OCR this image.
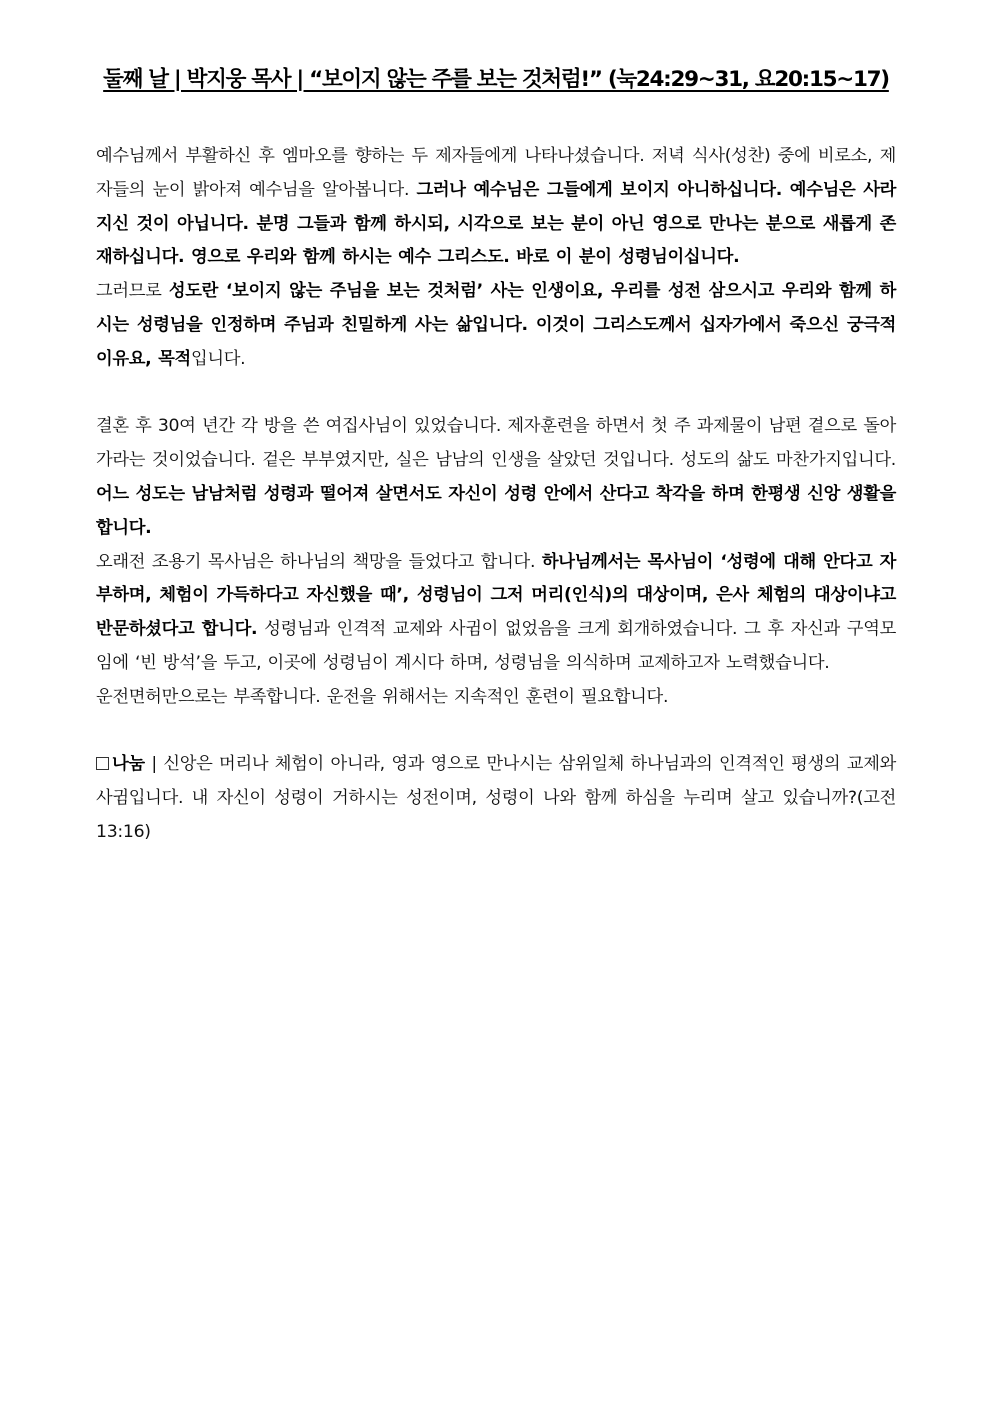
둘째 날 | 박지웅 목사 | “보이지 않는 주를 보는 것처럼!” (눅24:29~31, 요20:15~17)

예수님께서 부활하신 후 엠마오를 향하는 두 제자들에게 나타나셨습니다. 저녁 식사(성찬) 중에 비로소, 제자들의 눈이 밝아져 예수님을 알아봅니다. 그러나 예수님은 그들에게 보이지 아니하십니다. 예수님은 사라지신 것이 아닙니다. 분명 그들과 함께 하시되, 시각으로 보는 분이 아닌 영으로 만나는 분으로 새롭게 존재하십니다. 영으로 우리와 함께 하시는 예수 그리스도. 바로 이 분이 성령님이십니다.

그러므로 성도란 ‘보이지 않는 주님을 보는 것처럼’ 사는 인생이요, 우리를 성전 삼으시고 우리와 함께 하시는 성령님을 인정하며 주님과 친밀하게 사는 삶입니다. 이것이 그리스도께서 십자가에서 죽으신 궁극적 이유요, 목적입니다.

결혼 후 30여 년간 각 방을 쓴 여집사님이 있었습니다. 제자훈련을 하면서 첫 주 과제물이 남편 곁으로 돌아가라는 것이었습니다. 겉은 부부였지만, 실은 남남의 인생을 살았던 것입니다. 성도의 삶도 마찬가지입니다. 어느 성도는 남남처럼 성령과 떨어져 살면서도 자신이 성령 안에서 산다고 착각을 하며 한평생 신앙 생활을 합니다.

오래전 조용기 목사님은 하나님의 책망을 들었다고 합니다. 하나님께서는 목사님이 ‘성령에 대해 안다고 자부하며, 체험이 가득하다고 자신했을 때’, 성령님이 그저 머리(인식)의 대상이며, 은사 체험의 대상이냐고 반문하셨다고 합니다. 성령님과 인격적 교제와 사귐이 없었음을 크게 회개하였습니다. 그 후 자신과 구역모임에 ‘빈 방석’을 두고, 이곳에 성령님이 계시다 하며, 성령님을 의식하며 교제하고자 노력했습니다.

운전면허만으로는 부족합니다. 운전을 위해서는 지속적인 훈련이 필요합니다.

나눔 | 신앙은 머리나 체험이 아니라, 영과 영으로 만나시는 삼위일체 하나님과의 인격적인 평생의 교제와 사귐입니다. 내 자신이 성령이 거하시는 성전이며, 성령이 나와 함께 하심을 누리며 살고 있습니까?(고전13:16)
